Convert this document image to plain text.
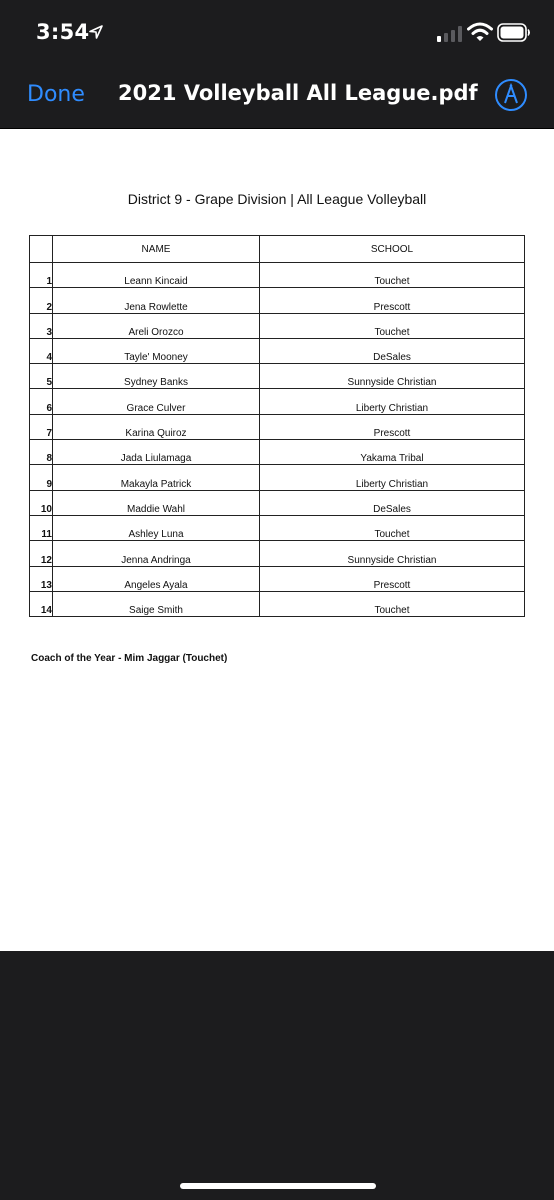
3:54
Done 2021 Volleyball All League.pdf
District 9 - Grape Division | All League Volleyball
	NAME	SCHOOL
1	Leann Kincaid	Touchet
2	Jena Rowlette	Prescott
3	Areli Orozco	Touchet
4	Tayle' Mooney	DeSales
5	Sydney Banks	Sunnyside Christian
6	Grace Culver	Liberty Christian
7	Karina Quiroz	Prescott
8	Jada Liulamaga	Yakama Tribal
9	Makayla Patrick	Liberty Christian
10	Maddie Wahl	DeSales
11	Ashley Luna	Touchet
12	Jenna Andringa	Sunnyside Christian
13	Angeles Ayala	Prescott
14	Saige Smith	Touchet
Coach of the Year - Mim Jaggar (Touchet)
